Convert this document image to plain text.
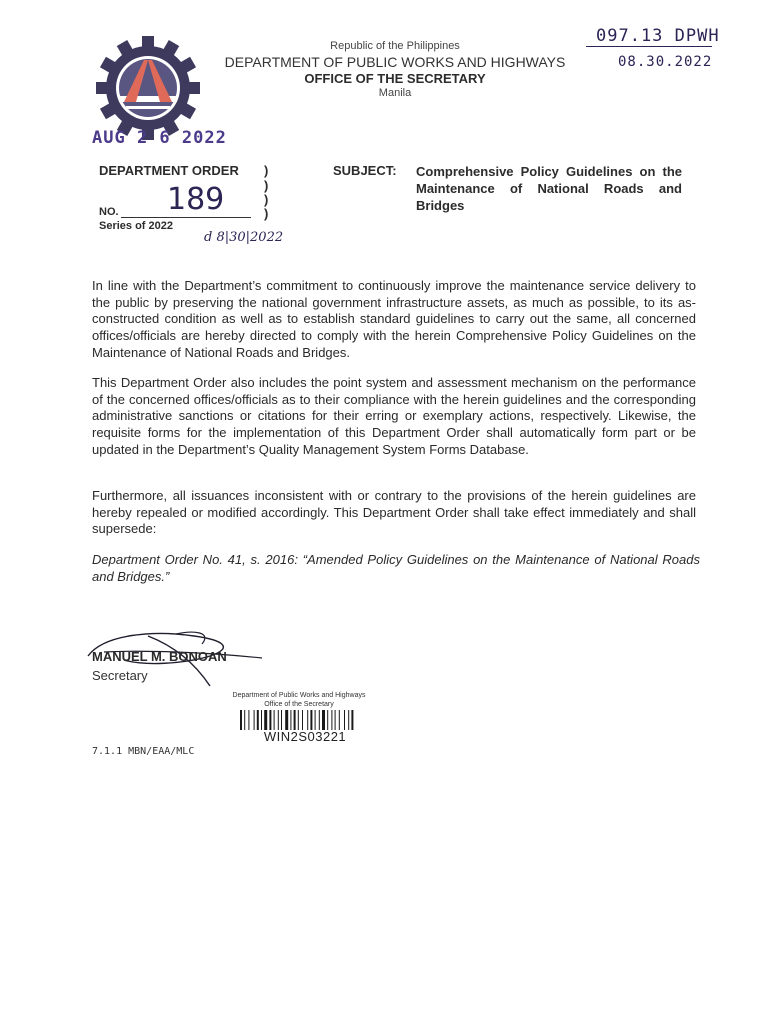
Republic of the Philippines
DEPARTMENT OF PUBLIC WORKS AND HIGHWAYS
OFFICE OF THE SECRETARY
Manila
097.13 DPWH
08.30.2022
AUG 2 6 2022
DEPARTMENT ORDER )
)
)
)
189
NO.
Series of 2022
d 8|30|2022
SUBJECT: Comprehensive Policy Guidelines on the Maintenance of National Roads and Bridges

In line with the Department’s commitment to continuously improve the maintenance service delivery to the public by preserving the national government infrastructure assets, as much as possible, to its as-constructed condition as well as to establish standard guidelines to carry out the same, all concerned offices/officials are hereby directed to comply with the herein Comprehensive Policy Guidelines on the Maintenance of National Roads and Bridges.

This Department Order also includes the point system and assessment mechanism on the performance of the concerned offices/officials as to their compliance with the herein guidelines and the corresponding administrative sanctions or citations for their erring or exemplary actions, respectively. Likewise, the requisite forms for the implementation of this Department Order shall automatically form part or be updated in the Department’s Quality Management System Forms Database.

Furthermore, all issuances inconsistent with or contrary to the provisions of the herein guidelines are hereby repealed or modified accordingly. This Department Order shall take effect immediately and shall supersede:

Department Order No. 41, s. 2016: “Amended Policy Guidelines on the Maintenance of National Roads and Bridges.”

MANUEL M. BONOAN
Secretary
Department of Public Works and Highways
Office of the Secretary
WIN2S03221
7.1.1 MBN/EAA/MLC
